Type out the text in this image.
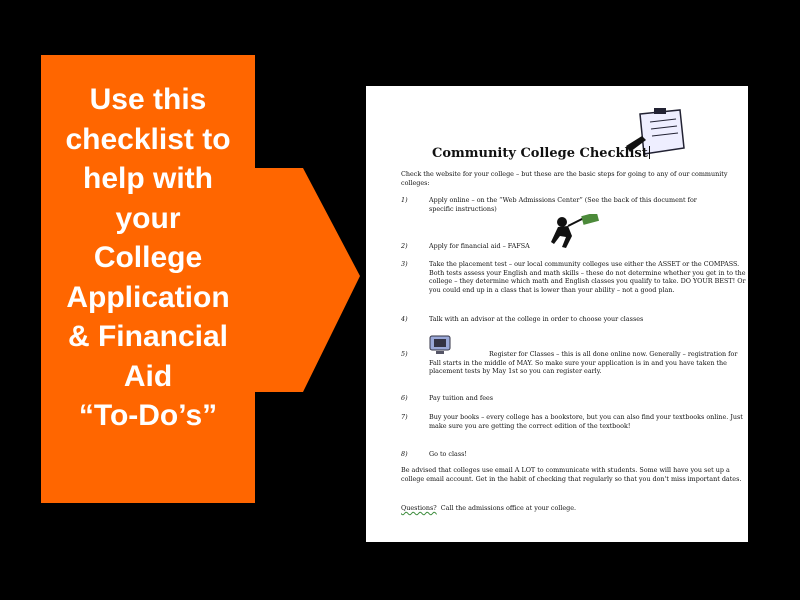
Use this
checklist to
help with
your
College
Application
& Financial
Aid
“To-Do’s”
Community College Checklist

Check the website for your college – but these are the basic steps for going to any of our community colleges:

1)	Apply online – on the “Web Admissions Center” (See the back of this document for specific instructions)
2)	Apply for financial aid – FAFSA
3)	Take the placement test – our local community colleges use either the ASSET or the COMPASS. Both tests assess your English and math skills – these do not determine whether you get in to the college – they determine which math and English classes you qualify to take. DO YOUR BEST! Or you could end up in a class that is lower than your ability – not a good plan.
4)	Talk with an advisor at the college in order to choose your classes
5)	Register for Classes – this is all done online now. Generally – registration for Fall starts in the middle of MAY. So make sure your application is in and you have taken the placement tests by May 1st so you can register early.
6)	Pay tuition and fees
7)	Buy your books – every college has a bookstore, but you can also find your textbooks online. Just make sure you are getting the correct edition of the textbook!
8)	Go to class!

Be advised that colleges use email A LOT to communicate with students. Some will have you set up a college email account. Get in the habit of checking that regularly so that you don't miss important dates.

Questions? Call the admissions office at your college.
